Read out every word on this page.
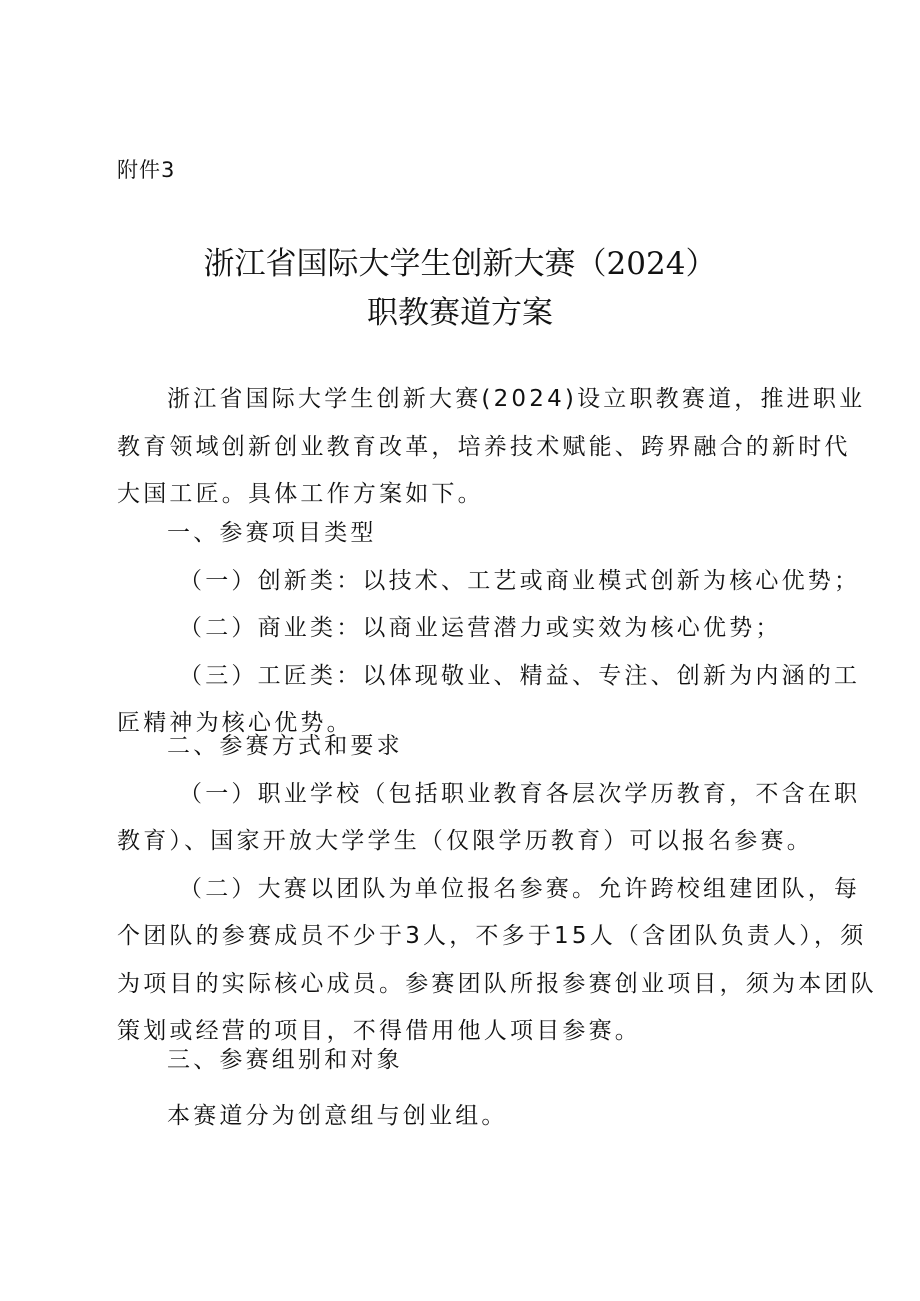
附件3
浙江省国际大学生创新大赛（2024）
职教赛道方案
浙江省国际大学生创新大赛(2024)设立职教赛道，推进职业
教育领域创新创业教育改革，培养技术赋能、跨界融合的新时代
大国工匠。具体工作方案如下。
一、参赛项目类型
（一）创新类：以技术、工艺或商业模式创新为核心优势；
（二）商业类：以商业运营潜力或实效为核心优势；
（三）工匠类：以体现敬业、精益、专注、创新为内涵的工
匠精神为核心优势。
二、参赛方式和要求
（一）职业学校（包括职业教育各层次学历教育，不含在职
教育）、国家开放大学学生（仅限学历教育）可以报名参赛。
（二）大赛以团队为单位报名参赛。允许跨校组建团队，每
个团队的参赛成员不少于3人，不多于15人（含团队负责人），须
为项目的实际核心成员。参赛团队所报参赛创业项目，须为本团队
策划或经营的项目，不得借用他人项目参赛。
三、参赛组别和对象
本赛道分为创意组与创业组。
